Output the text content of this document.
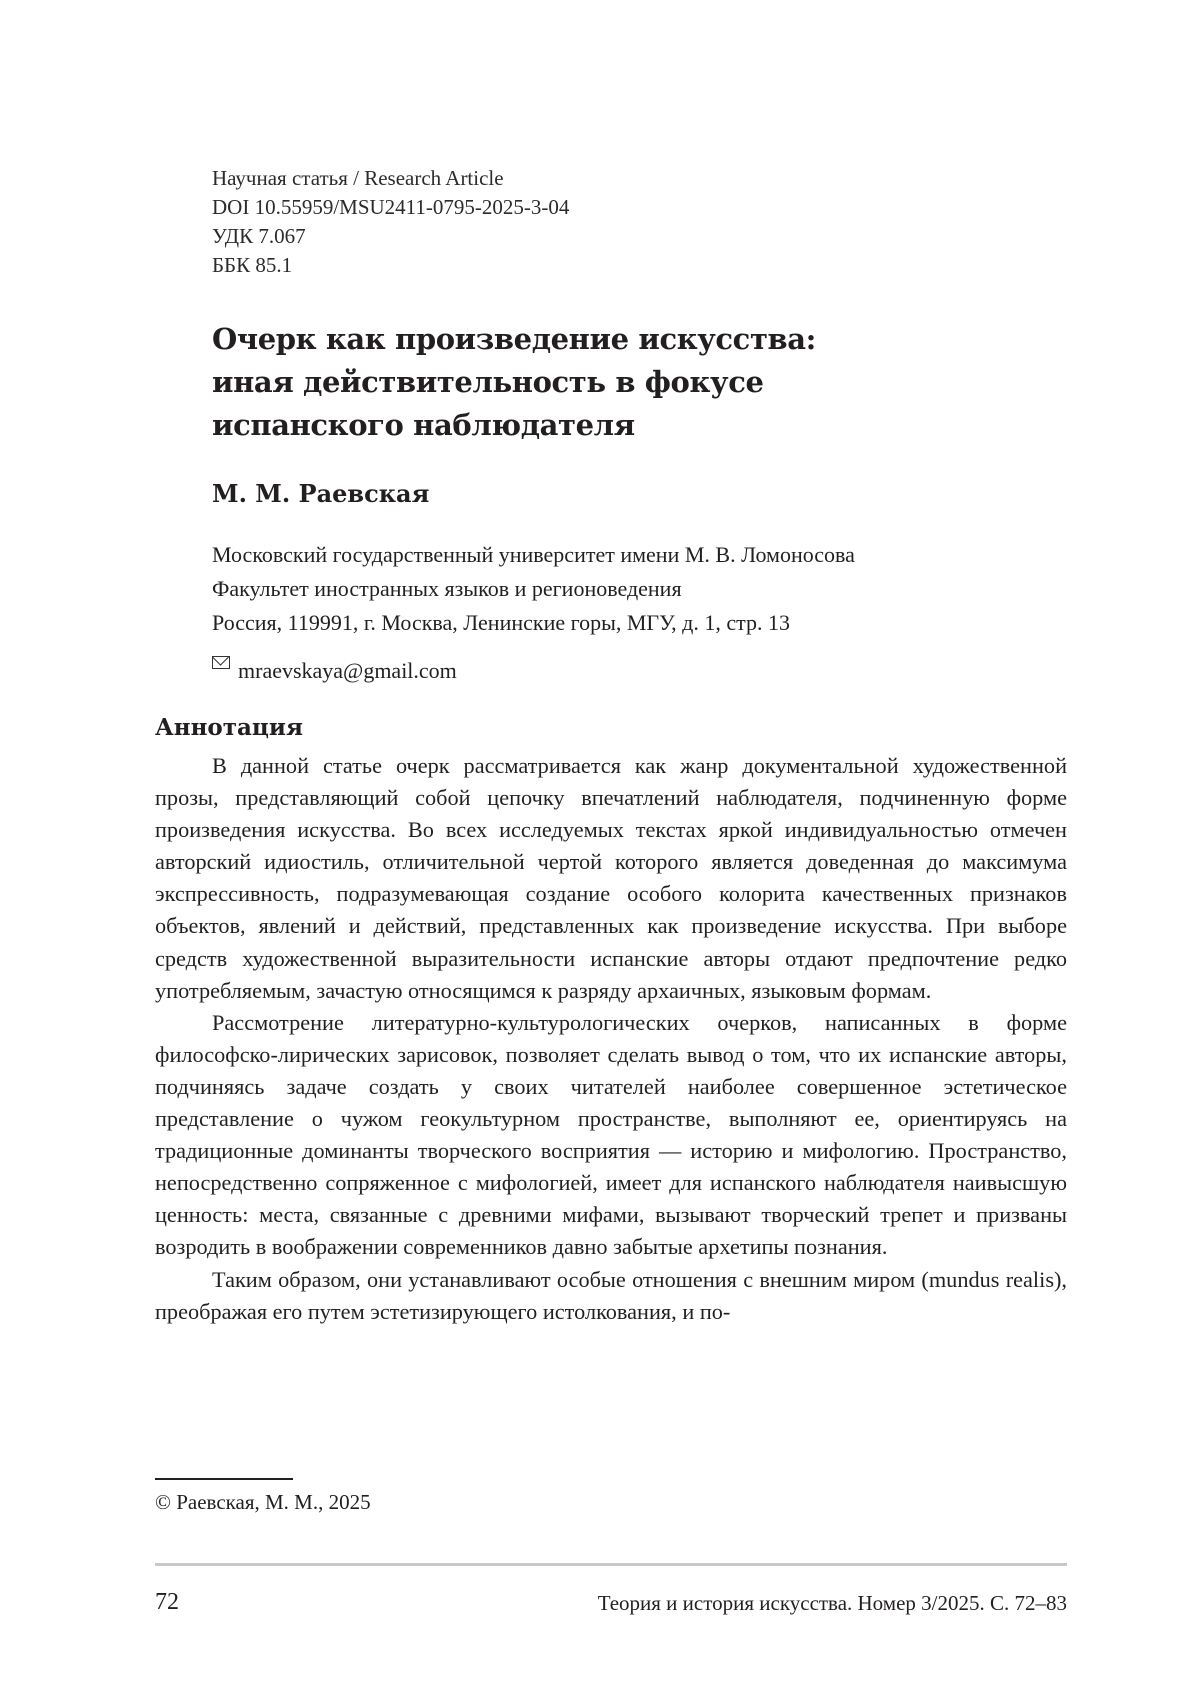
Научная статья / Research Article
DOI 10.55959/MSU2411-0795-2025-3-04
УДК 7.067
ББК 85.1
Очерк как произведение искусства:
иная действительность в фокусе
испанского наблюдателя
М. М. Раевская
Московский государственный университет имени М. В. Ломоносова
Факультет иностранных языков и регионоведения
Россия, 119991, г. Москва, Ленинские горы, МГУ, д. 1, стр. 13
mraevskaya@gmail.com
Аннотация

В данной статье очерк рассматривается как жанр документальной художественной прозы, представляющий собой цепочку впечатлений наблюдателя, подчиненную форме произведения искусства. Во всех исследуемых текстах яркой индивидуальностью отмечен авторский идиостиль, отличительной чертой которого является доведенная до максимума экспрессивность, подразумевающая создание особого колорита качественных признаков объектов, явлений и действий, представленных как произведение искусства. При выборе средств художественной выразительности испанские авторы отдают предпочтение редко употребляемым, зачастую относящимся к разряду архаичных, языковым формам.

Рассмотрение литературно-культурологических очерков, написанных в форме философско-лирических зарисовок, позволяет сделать вывод о том, что их испанские авторы, подчиняясь задаче создать у своих читателей наиболее совершенное эстетическое представление о чужом геокультурном пространстве, выполняют ее, ориентируясь на традиционные доминанты творческого восприятия — историю и мифологию. Пространство, непосредственно сопряженное с мифологией, имеет для испанского наблюдателя наивысшую ценность: места, связанные с древними мифами, вызывают творческий трепет и призваны возродить в воображении современников давно забытые архетипы познания.

Таким образом, они устанавливают особые отношения с внешним миром (mundus realis), преображая его путем эстетизирующего истолкования, и по-

© Раевская, М. М., 2025
72	Теория и история искусства. Номер 3/2025. С. 72–83
